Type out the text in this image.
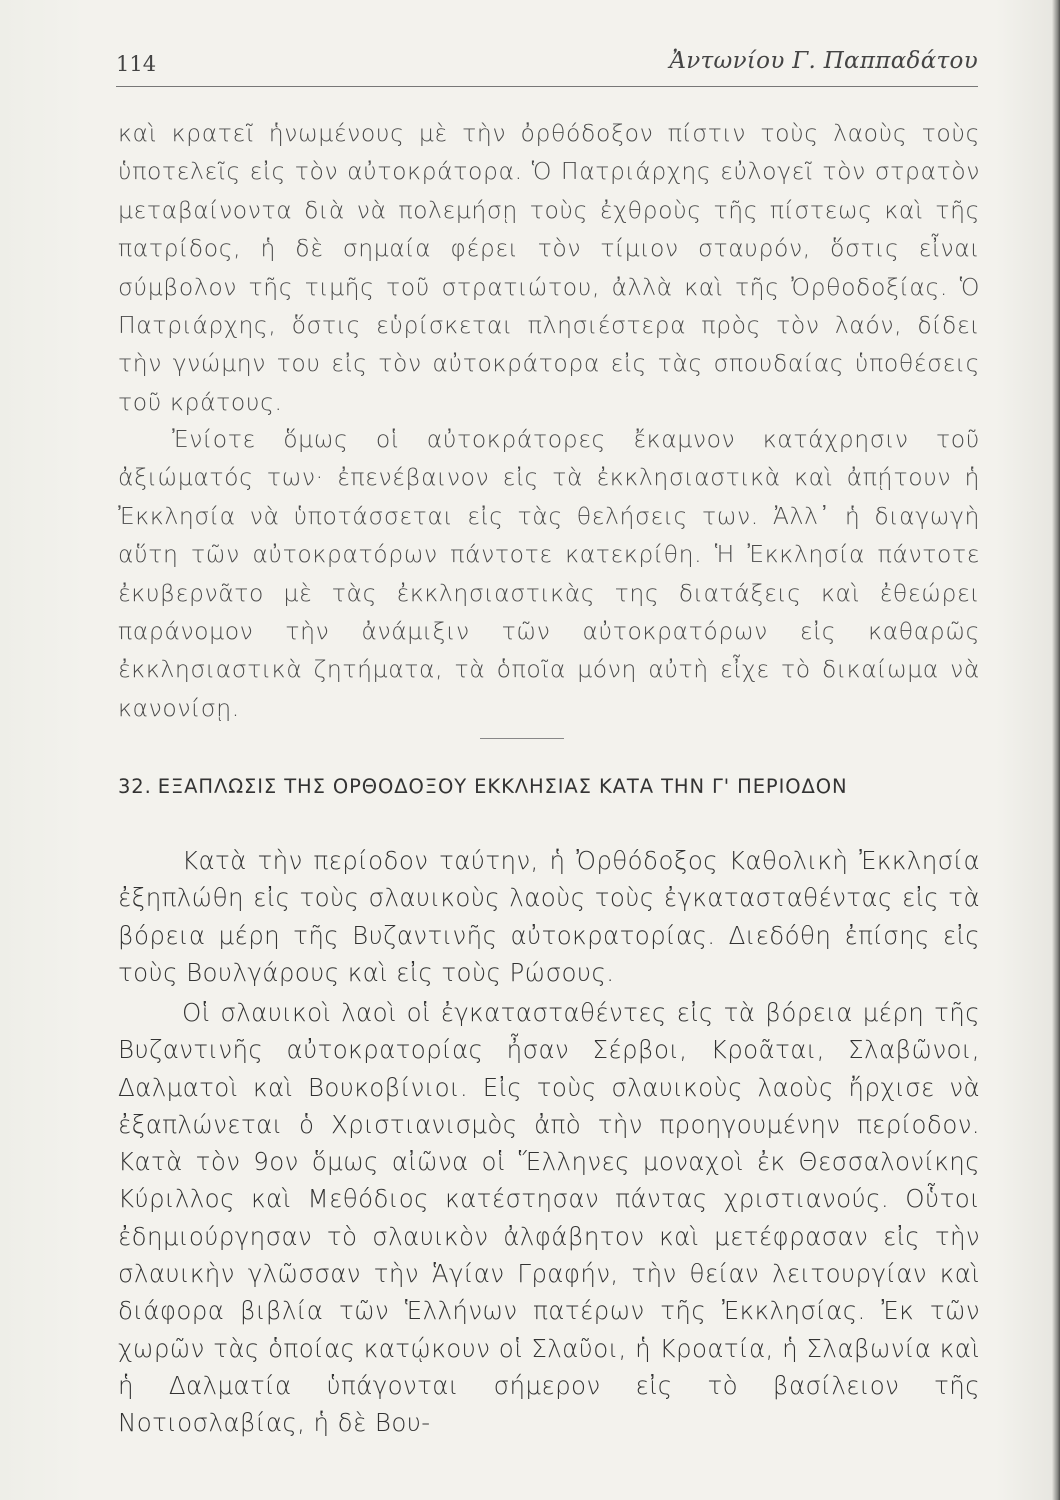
114	Ἀντωνίου Γ. Παππαδάτου

καὶ κρατεῖ ἡνωμένους μὲ τὴν ὀρθόδοξον πίστιν τοὺς λαοὺς τοὺς ὑποτελεῖς εἰς τὸν αὐτοκράτορα. Ὁ Πατριάρχης εὐλογεῖ τὸν στρατὸν μεταβαίνοντα διὰ νὰ πολεμήσῃ τοὺς ἐχθροὺς τῆς πίστεως καὶ τῆς πατρίδος, ἡ δὲ σημαία φέρει τὸν τίμιον σταυρόν, ὅστις εἶναι σύμβολον τῆς τιμῆς τοῦ στρατιώτου, ἀλλὰ καὶ τῆς Ὀρθοδοξίας. Ὁ Πατριάρχης, ὅστις εὑρίσκεται πλησιέστερα πρὸς τὸν λαόν, δίδει τὴν γνώμην του εἰς τὸν αὐτοκράτορα εἰς τὰς σπουδαίας ὑποθέσεις τοῦ κράτους.

Ἐνίοτε ὅμως οἱ αὐτοκράτορες ἔκαμνον κατάχρησιν τοῦ ἀξιώματός των· ἐπενέβαινον εἰς τὰ ἐκκλησιαστικὰ καὶ ἀπῄτουν ἡ Ἐκκλησία νὰ ὑποτάσσεται εἰς τὰς θελήσεις των. Ἀλλ᾽ ἡ διαγωγὴ αὕτη τῶν αὐτοκρατόρων πάντοτε κατεκρίθη. Ἡ Ἐκκλησία πάντοτε ἐκυβερνᾶτο μὲ τὰς ἐκκλησιαστικὰς της διατάξεις καὶ ἐθεώρει παράνομον τὴν ἀνάμιξιν τῶν αὐτοκρατόρων εἰς καθαρῶς ἐκκλησιαστικὰ ζητήματα, τὰ ὁποῖα μόνη αὐτὴ εἶχε τὸ δικαίωμα νὰ κανονίσῃ.

32. ΕΞΑΠΛΩΣΙΣ ΤΗΣ ΟΡΘΟΔΟΞΟΥ ΕΚΚΛΗΣΙΑΣ ΚΑΤΑ ΤΗΝ Γ' ΠΕΡΙΟΔΟΝ

Κατὰ τὴν περίοδον ταύτην, ἡ Ὀρθόδοξος Καθολικὴ Ἐκκλησία ἐξηπλώθη εἰς τοὺς σλαυικοὺς λαοὺς τοὺς ἐγκατασταθέντας εἰς τὰ βόρεια μέρη τῆς Βυζαντινῆς αὐτοκρατορίας. Διεδόθη ἐπίσης εἰς τοὺς Βουλγάρους καὶ εἰς τοὺς Ρώσους.

Οἱ σλαυικοὶ λαοὶ οἱ ἐγκατασταθέντες εἰς τὰ βόρεια μέρη τῆς Βυζαντινῆς αὐτοκρατορίας ἦσαν Σέρβοι, Κροᾶται, Σλαβῶνοι, Δαλματοὶ καὶ Βουκοβίνιοι. Εἰς τοὺς σλαυικοὺς λαοὺς ἤρχισε νὰ ἐξαπλώνεται ὁ Χριστιανισμὸς ἀπὸ τὴν προηγουμένην περίοδον. Κατὰ τὸν 9ον ὅμως αἰῶνα οἱ Ἕλληνες μοναχοὶ ἐκ Θεσσαλονίκης Κύριλλος καὶ Μεθόδιος κατέστησαν πάντας χριστιανούς. Οὗτοι ἐδημιούργησαν τὸ σλαυικὸν ἀλφάβητον καὶ μετέφρασαν εἰς τὴν σλαυικὴν γλῶσσαν τὴν Ἁγίαν Γραφήν, τὴν θείαν λειτουργίαν καὶ διάφορα βιβλία τῶν Ἑλλήνων πατέρων τῆς Ἐκκλησίας. Ἐκ τῶν χωρῶν τὰς ὁποίας κατῴκουν οἱ Σλαῦοι, ἡ Κροατία, ἡ Σλαβωνία καὶ ἡ Δαλματία ὑπάγονται σήμερον εἰς τὸ βασίλειον τῆς Νοτιοσλαβίας, ἡ δὲ Βου-
